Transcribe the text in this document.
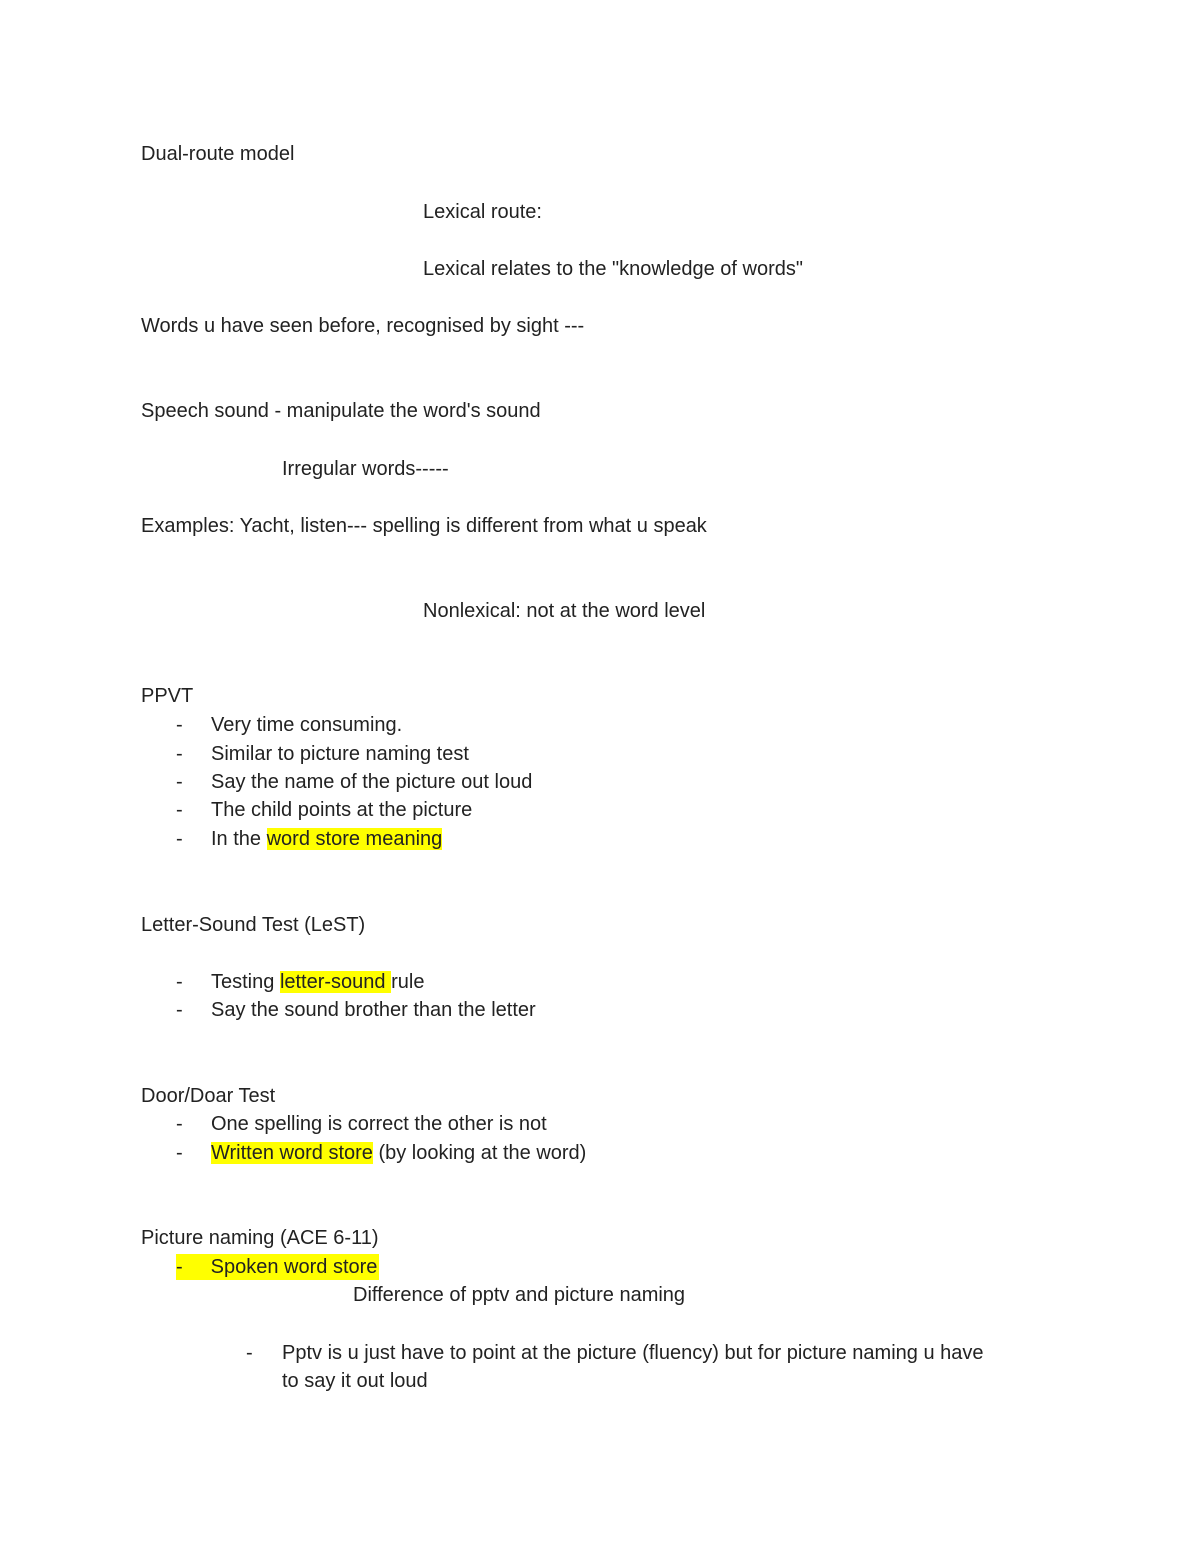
Dual-route model
Lexical route:
Lexical relates to the "knowledge of words"
Words u have seen before, recognised by sight ---
Speech sound - manipulate the word's sound
Irregular words-----
Examples: Yacht, listen--- spelling is different from what u speak
Nonlexical: not at the word level
PPVT
- Very time consuming.
- Similar to picture naming test
- Say the name of the picture out loud
- The child points at the picture
- In the word store meaning
Letter-Sound Test (LeST)
- Testing letter-sound rule
- Say the sound brother than the letter
Door/Doar Test
- One spelling is correct the other is not
- Written word store (by looking at the word)
Picture naming (ACE 6-11)
- Spoken word store
Difference of pptv and picture naming
- Pptv is u just have to point at the picture (fluency) but for picture naming u have
to say it out loud
